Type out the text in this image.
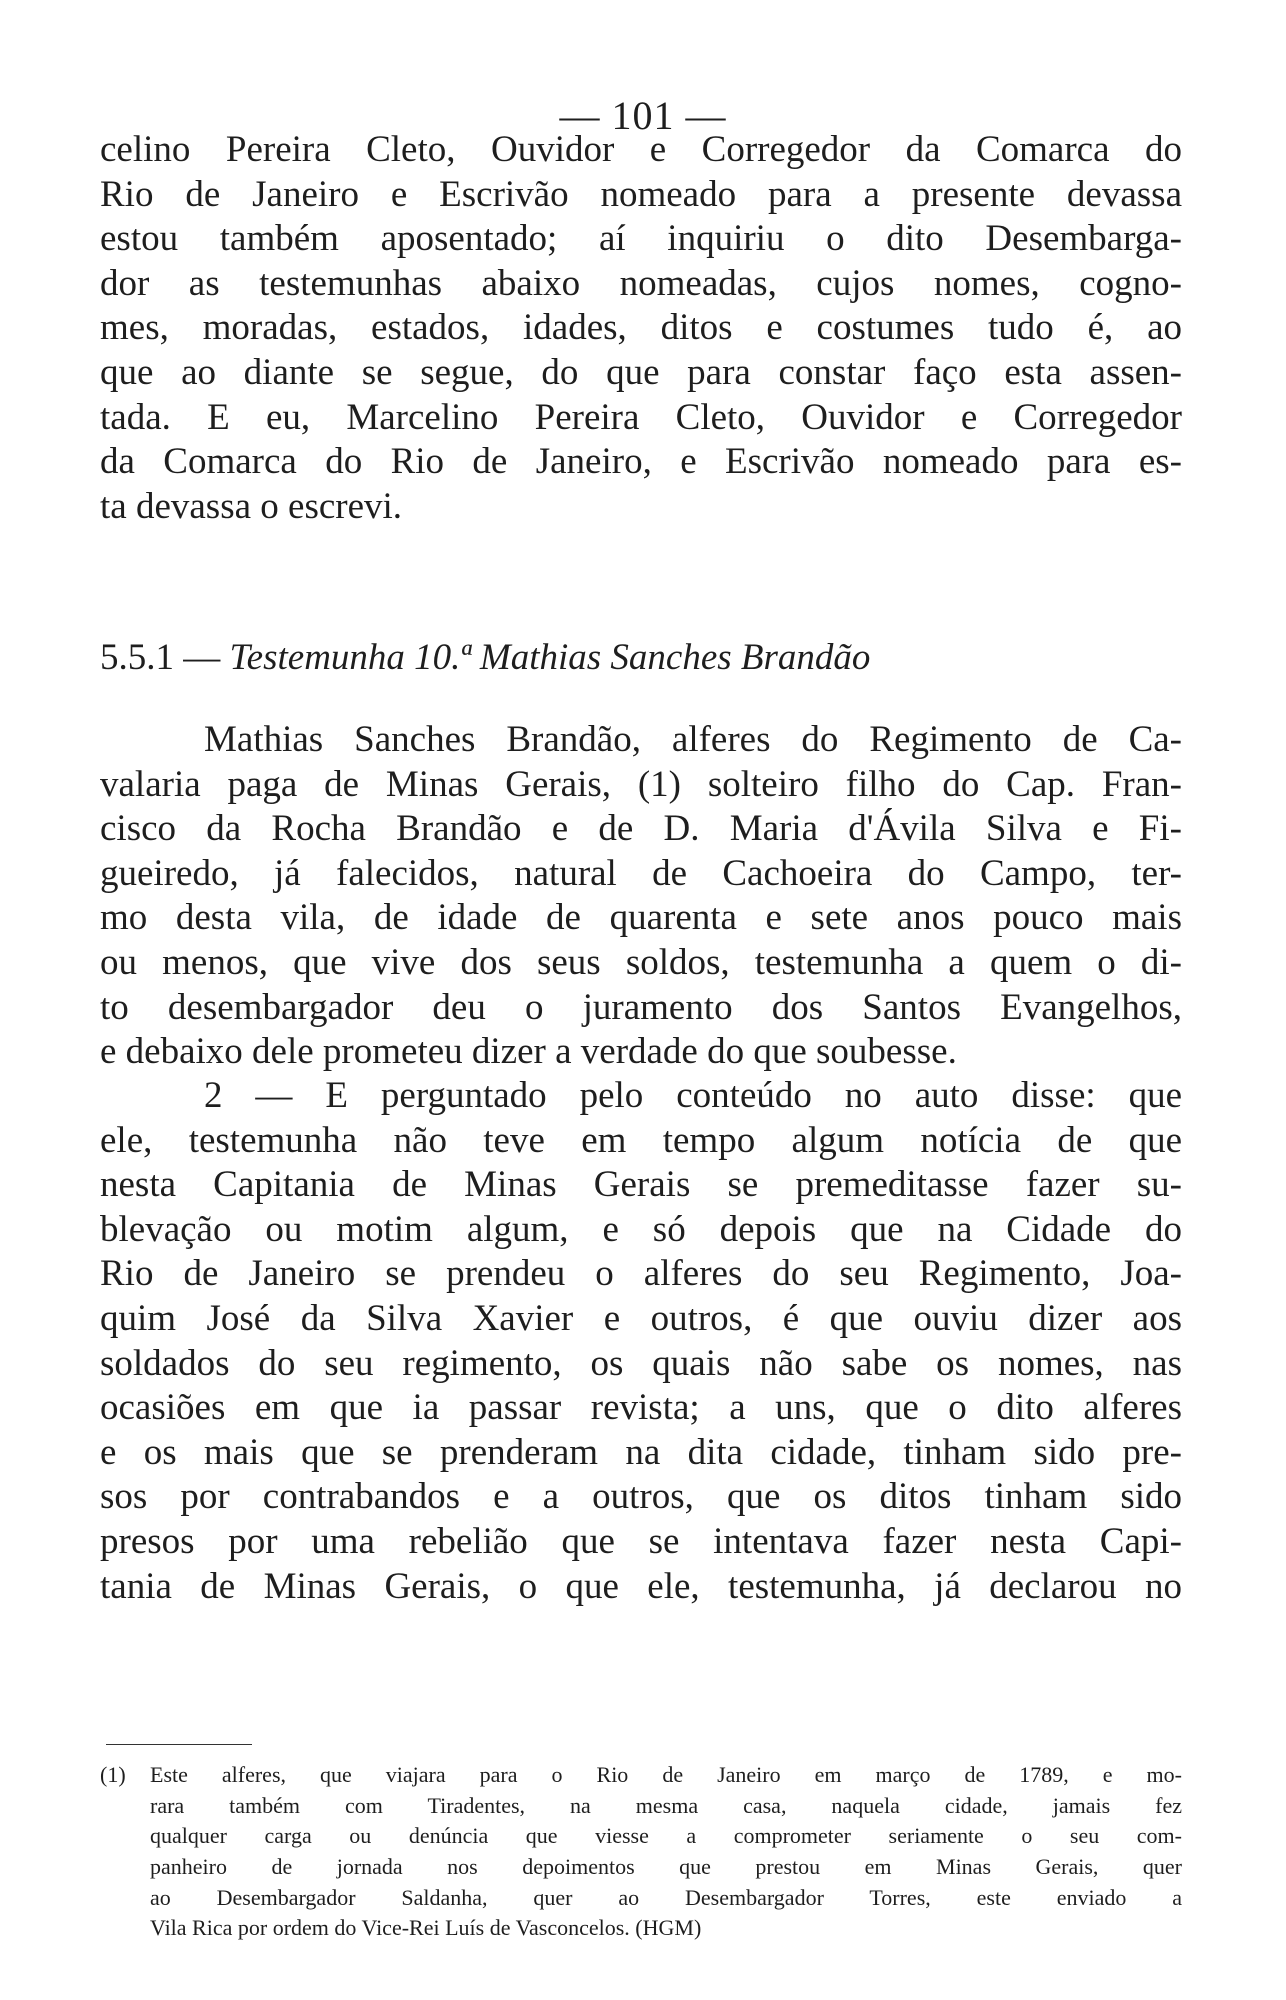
— 101 —
celino Pereira Cleto, Ouvidor e Corregedor da Comarca do
Rio de Janeiro e Escrivão nomeado para a presente devassa
estou também aposentado; aí inquiriu o dito Desembarga-
dor as testemunhas abaixo nomeadas, cujos nomes, cogno-
mes, moradas, estados, idades, ditos e costumes tudo é, ao
que ao diante se segue, do que para constar faço esta assen-
tada. E eu, Marcelino Pereira Cleto, Ouvidor e Corregedor
da Comarca do Rio de Janeiro, e Escrivão nomeado para es-
ta devassa o escrevi.
5.5.1 — Testemunha 10.ª Mathias Sanches Brandão
Mathias Sanches Brandão, alferes do Regimento de Ca-
valaria paga de Minas Gerais, (1) solteiro filho do Cap. Fran-
cisco da Rocha Brandão e de D. Maria d'Ávila Silva e Fi-
gueiredo, já falecidos, natural de Cachoeira do Campo, ter-
mo desta vila, de idade de quarenta e sete anos pouco mais
ou menos, que vive dos seus soldos, testemunha a quem o di-
to desembargador deu o juramento dos Santos Evangelhos,
e debaixo dele prometeu dizer a verdade do que soubesse.
2 — E perguntado pelo conteúdo no auto disse: que
ele, testemunha não teve em tempo algum notícia de que
nesta Capitania de Minas Gerais se premeditasse fazer su-
blevação ou motim algum, e só depois que na Cidade do
Rio de Janeiro se prendeu o alferes do seu Regimento, Joa-
quim José da Silva Xavier e outros, é que ouviu dizer aos
soldados do seu regimento, os quais não sabe os nomes, nas
ocasiões em que ia passar revista; a uns, que o dito alferes
e os mais que se prenderam na dita cidade, tinham sido pre-
sos por contrabandos e a outros, que os ditos tinham sido
presos por uma rebelião que se intentava fazer nesta Capi-
tania de Minas Gerais, o que ele, testemunha, já declarou no
(1) Este alferes, que viajara para o Rio de Janeiro em março de 1789, e mo-
rara também com Tiradentes, na mesma casa, naquela cidade, jamais fez
qualquer carga ou denúncia que viesse a comprometer seriamente o seu com-
panheiro de jornada nos depoimentos que prestou em Minas Gerais, quer
ao Desembargador Saldanha, quer ao Desembargador Torres, este enviado a
Vila Rica por ordem do Vice-Rei Luís de Vasconcelos. (HGM)
